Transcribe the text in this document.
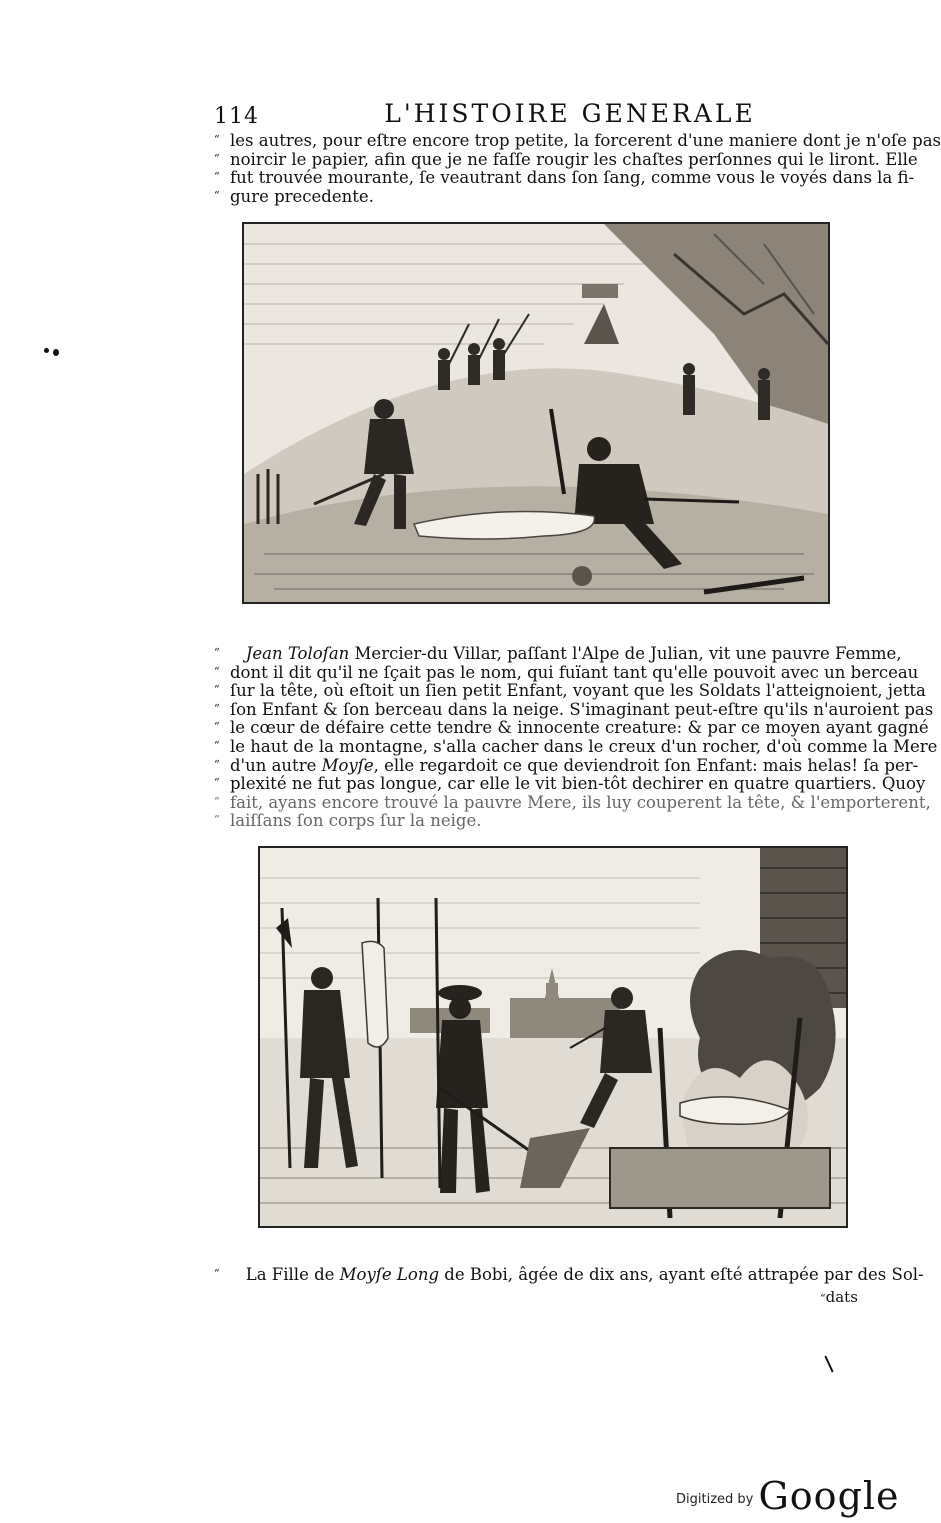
114	L'HISTOIRE GENERALE
“ les autres, pour eſtre encore trop petite, la forcerent d'une maniere dont je n'oſe pas
“ noircir le papier, afin que je ne faſſe rougir les chaſtes perſonnes qui le liront. Elle
“ fut trouvée mourante, ſe veautrant dans ſon ſang, comme vous le voyés dans la fi-
“ gure precedente.
“ Jean Toloſan Mercier-du Villar, paſſant l'Alpe de Julian, vit une pauvre Femme,
“ dont il dit qu'il ne ſçait pas le nom, qui fuïant tant qu'elle pouvoit avec un berceau
“ ſur la tête, où eſtoit un ſien petit Enfant, voyant que les Soldats l'atteignoient, jetta
“ ſon Enfant & ſon berceau dans la neige. S'imaginant peut-eſtre qu'ils n'auroient pas
“ le cœur de défaire cette tendre & innocente creature: & par ce moyen ayant gagné
“ le haut de la montagne, s'alla cacher dans le creux d'un rocher, d'où comme la Mere
“ d'un autre Moyſe, elle regardoit ce que deviendroit ſon Enfant: mais helas! ſa per-
“ plexité ne fut pas longue, car elle le vit bien-tôt dechirer en quatre quartiers. Quoy
“ fait, ayans encore trouvé la pauvre Mere, ils luy couperent la tête, & l'emporterent,
“ laiſſans ſon corps ſur la neige.
“ La Fille de Moyſe Long de Bobi, âgée de dix ans, ayant eſté attrapée par des Sol-
“dats
$^{Digitized by}$ Google
